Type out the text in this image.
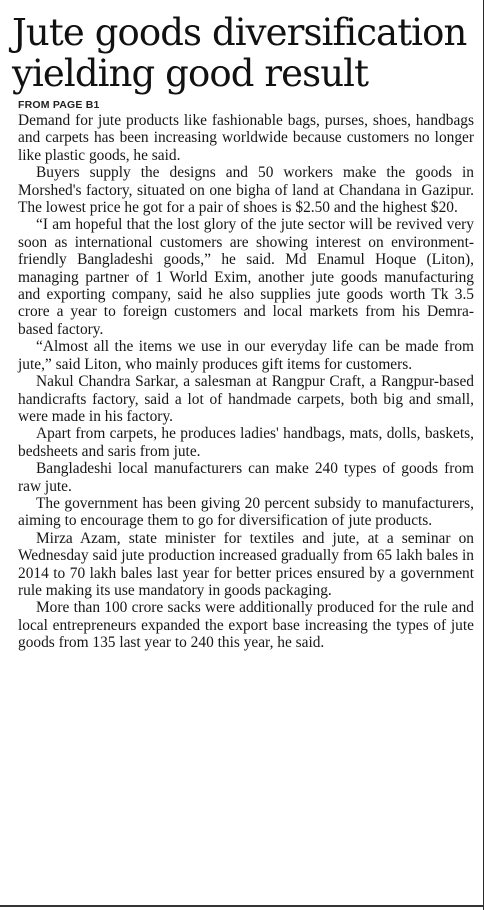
Jute goods diversification
yielding good result
FROM PAGE B1

Demand for jute products like fashionable bags, purses, shoes, handbags and carpets has been increasing worldwide because customers no longer like plastic goods, he said.

Buyers supply the designs and 50 workers make the goods in Morshed's factory, situated on one bigha of land at Chandana in Gazipur. The lowest price he got for a pair of shoes is $2.50 and the highest $20.

“I am hopeful that the lost glory of the jute sector will be revived very soon as international customers are showing interest on environment-friendly Bangladeshi goods,” he said. Md Enamul Hoque (Liton), managing partner of 1 World Exim, another jute goods manufacturing and exporting company, said he also supplies jute goods worth Tk 3.5 crore a year to foreign customers and local markets from his Demra-based factory.

“Almost all the items we use in our everyday life can be made from jute,” said Liton, who mainly produces gift items for customers.

Nakul Chandra Sarkar, a salesman at Rangpur Craft, a Rangpur-based handicrafts factory, said a lot of handmade carpets, both big and small, were made in his factory.

Apart from carpets, he produces ladies' handbags, mats, dolls, baskets, bedsheets and saris from jute.

Bangladeshi local manufacturers can make 240 types of goods from raw jute.

The government has been giving 20 percent subsidy to manufacturers, aiming to encourage them to go for diversification of jute products.

Mirza Azam, state minister for textiles and jute, at a seminar on Wednesday said jute production increased gradually from 65 lakh bales in 2014 to 70 lakh bales last year for better prices ensured by a government rule making its use mandatory in goods packaging.

More than 100 crore sacks were additionally produced for the rule and local entrepreneurs expanded the export base increasing the types of jute goods from 135 last year to 240 this year, he said.
